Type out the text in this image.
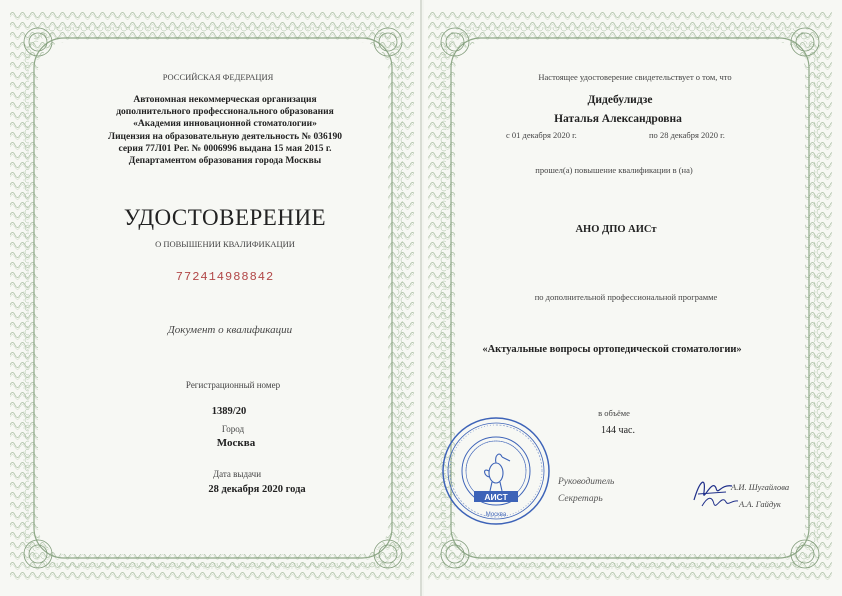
РОССИЙСКАЯ ФЕДЕРАЦИЯ
Автономная некоммерческая организация
дополнительного профессионального образования
«Академия инновационной стоматологии»
Лицензия на образовательную деятельность № 036190
серия 77Л01 Рег. № 0006996 выдана 15 мая 2015 г.
Департаментом образования города Москвы
УДОСТОВЕРЕНИЕ
О ПОВЫШЕНИИ КВАЛИФИКАЦИИ
772414988842
Документ о квалификации
Регистрационный номер
1389/20
Город
Москва
Дата выдачи
28 декабря 2020 года
Настоящее удостоверение свидетельствует о том, что
Дидебулидзе
Наталья Александровна
с 01 декабря 2020 г.	по 28 декабря 2020 г.
прошел(а) повышение квалификации в (на)
АНО ДПО АИСт
по дополнительной профессиональной программе
«Актуальные вопросы ортопедической стоматологии»
в объёме
144 час.
Руководитель
Секретарь
А.И. Шугайлова
А.А. Гайдук
АИСТ
Москва
